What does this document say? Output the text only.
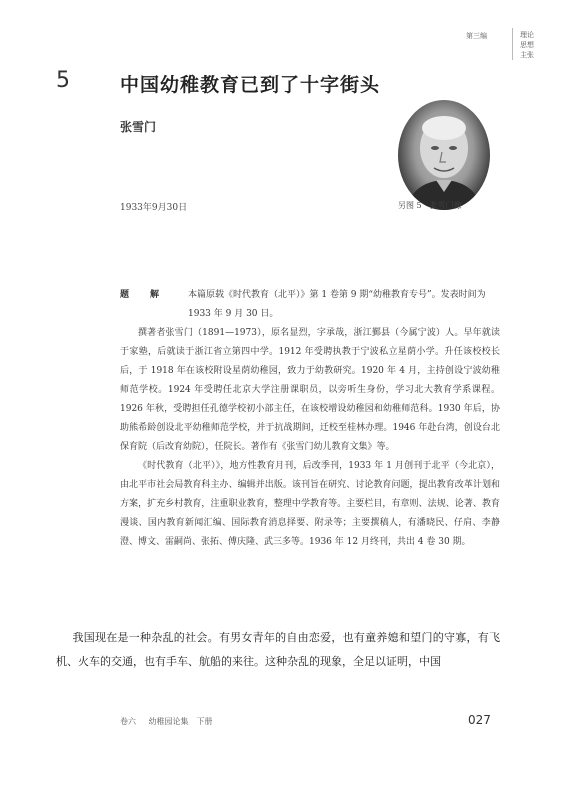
第三编	理论
思想
主张
5	中国幼稚教育已到了十字街头
张雪门
1933年9月30日	另图 5　张雪门像
题　解	本篇原载《时代教育（北平）》第 1 卷第 9 期“幼稚教育专号”。发表时间为 1933 年 9 月 30 日。

撰著者张雪门（1891—1973），原名显烈，字承哉，浙江鄞县（今属宁波）人。早年就读于家塾，后就读于浙江省立第四中学。1912 年受聘执教于宁波私立星荫小学。升任该校校长后，于 1918 年在该校附设星荫幼稚园，致力于幼教研究。1920 年 4 月，主持创设宁波幼稚师范学校。1924 年受聘任北京大学注册课职员，以旁听生身份，学习北大教育学系课程。1926 年秋，受聘担任孔德学校初小部主任，在该校增设幼稚园和幼稚师范科。1930 年后，协助熊希龄创设北平幼稚师范学校，并于抗战期间，迁校至桂林办理。1946 年赴台湾，创设台北保育院（后改育幼院），任院长。著作有《张雪门幼儿教育文集》等。

《时代教育（北平）》，地方性教育月刊，后改季刊，1933 年 1 月创刊于北平（今北京），由北平市社会局教育科主办、编辑并出版。该刊旨在研究、讨论教育问题，提出教育改革计划和方案，扩充乡村教育，注重职业教育，整理中学教育等。主要栏目，有章则、法规、论著、教育漫谈、国内教育新闻汇编、国际教育消息择要、附录等；主要撰稿人，有潘晓民、仔肩、李静澄、博文、雷嗣尚、张拓、傅庆隆、武三多等。1936 年 12 月终刊，共出 4 卷 30 期。

我国现在是一种杂乱的社会。有男女青年的自由恋爱，也有童养媳和望门的守寡，有飞机、火车的交通，也有手车、航船的来往。这种杂乱的现象，全足以证明，中国

卷六 幼稚园论集　下册	027
